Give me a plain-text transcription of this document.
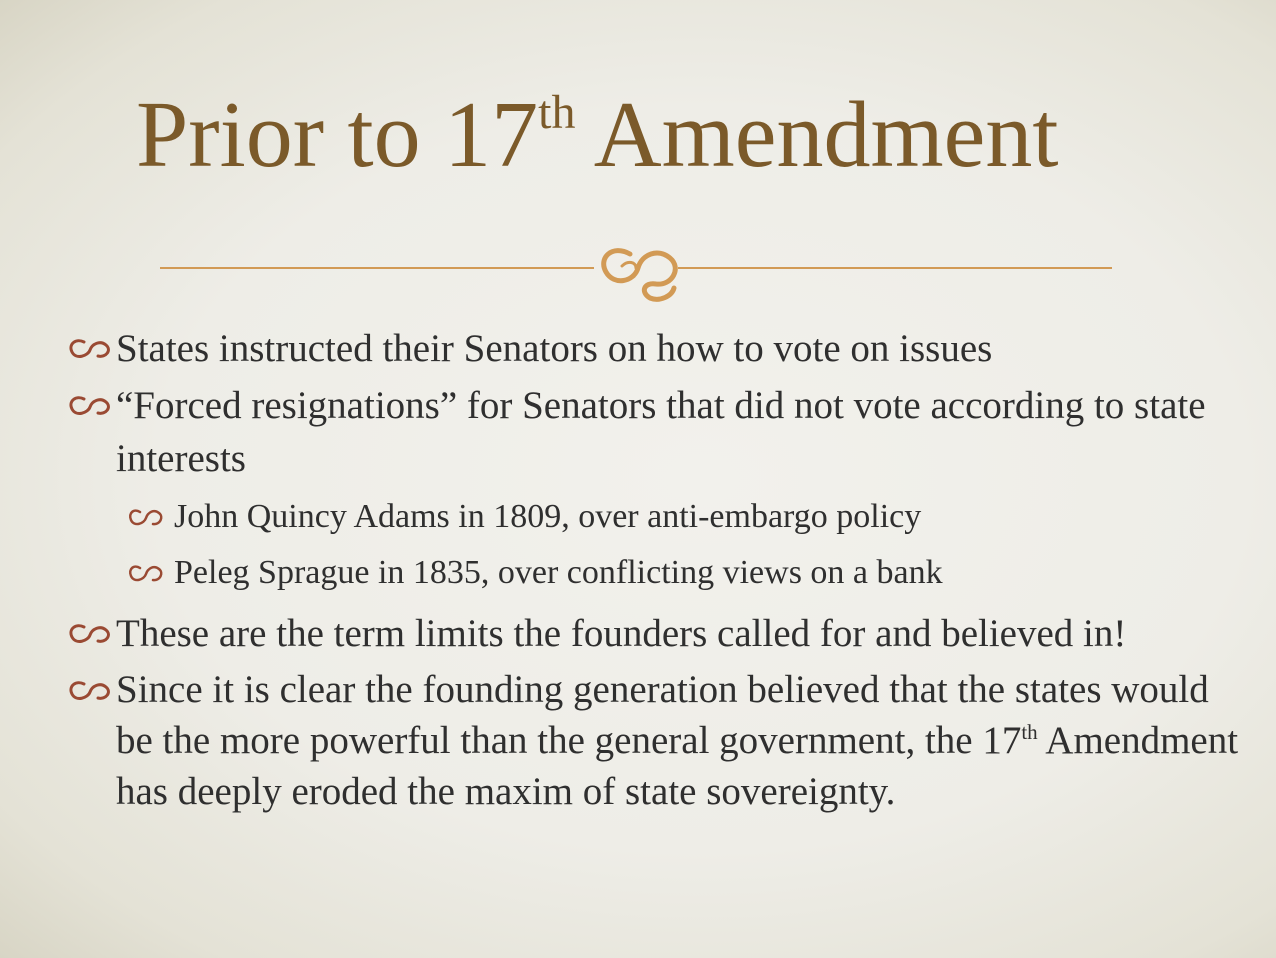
Prior to 17th Amendment
States instructed their Senators on how to vote on issues
“Forced resignations” for Senators that did not vote according to state interests
John Quincy Adams in 1809, over anti-embargo policy
Peleg Sprague in 1835, over conflicting views on a bank
These are the term limits the founders called for and believed in!
Since it is clear the founding generation believed that the states would be the more powerful than the general government, the 17th Amendment has deeply eroded the maxim of state sovereignty.
